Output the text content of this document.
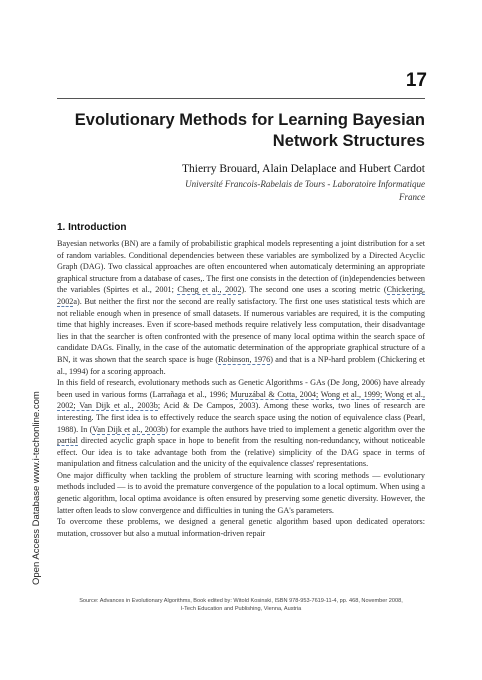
17
Evolutionary Methods for Learning Bayesian
Network Structures
Thierry Brouard, Alain Delaplace and Hubert Cardot
Université Francois-Rabelais de Tours - Laboratoire Informatique
France
1. Introduction

Bayesian networks (BN) are a family of probabilistic graphical models representing a joint distribution for a set of random variables. Conditional dependencies between these variables are symbolized by a Directed Acyclic Graph (DAG). Two classical approaches are often encountered when automaticaly determining an appropriate graphical structure from a database of cases,. The first one consists in the detection of (in)dependencies between the variables (Spirtes et al., 2001; Cheng et al., 2002). The second one uses a scoring metric (Chickering, 2002a). But neither the first nor the second are really satisfactory. The first one uses statistical tests which are not reliable enough when in presence of small datasets. If numerous variables are required, it is the computing time that highly increases. Even if score-based methods require relatively less computation, their disadvantage lies in that the searcher is often confronted with the presence of many local optima within the search space of candidate DAGs. Finally, in the case of the automatic determination of the appropriate graphical structure of a BN, it was shown that the search space is huge (Robinson, 1976) and that is a NP-hard problem (Chickering et al., 1994) for a scoring approach.

In this field of research, evolutionary methods such as Genetic Algorithms - GAs (De Jong, 2006) have already been used in various forms (Larrañaga et al., 1996; Muruzábal & Cotta, 2004; Wong et al., 1999; Wong et al., 2002; Van Dijk et al., 2003b; Acid & De Campos, 2003). Among these works, two lines of research are interesting. The first idea is to effectively reduce the search space using the notion of equivalence class (Pearl, 1988). In (Van Dijk et al., 2003b) for example the authors have tried to implement a genetic algorithm over the partial directed acyclic graph space in hope to benefit from the resulting non-redundancy, without noticeable effect. Our idea is to take advantage both from the (relative) simplicity of the DAG space in terms of manipulation and fitness calculation and the unicity of the equivalence classes' representations.

One major difficulty when tackling the problem of structure learning with scoring methods — evolutionary methods included — is to avoid the premature convergence of the population to a local optimum. When using a genetic algorithm, local optima avoidance is often ensured by preserving some genetic diversity. However, the latter often leads to slow convergence and difficulties in tuning the GA's parameters.

To overcome these problems, we designed a general genetic algorithm based upon dedicated operators: mutation, crossover but also a mutual information-driven repair

Open Access Database www.i-techonline.com
Source: Advances in Evolutionary Algorithms, Book edited by: Witold Kosinski, ISBN 978-953-7619-11-4, pp. 468, November 2008,
I-Tech Education and Publishing, Vienna, Austria
